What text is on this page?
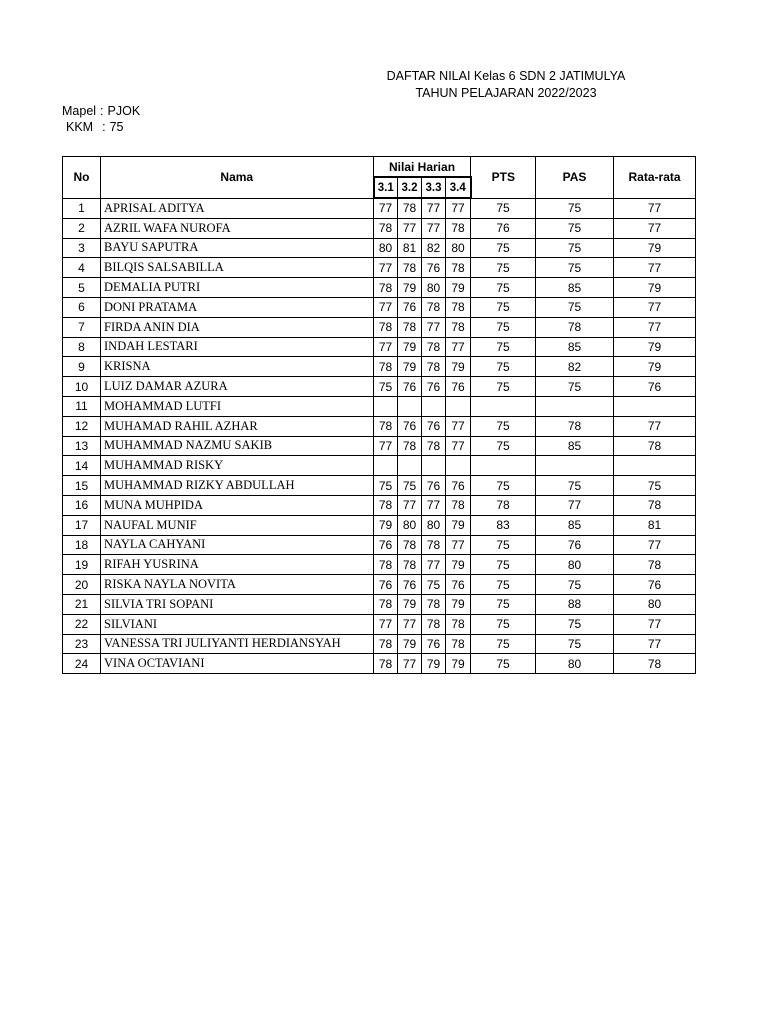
DAFTAR NILAI Kelas 6 SDN 2 JATIMULYA
TAHUN PELAJARAN 2022/2023
Mapel : PJOK
KKM : 75
No	Nama	Nilai Harian				PTS	PAS	Rata-rata
		3.1	3.2	3.3	3.4			
1	APRISAL ADITYA	77	78	77	77	75	75	77
2	AZRIL WAFA NUROFA	78	77	77	78	76	75	77
3	BAYU SAPUTRA	80	81	82	80	75	75	79
4	BILQIS SALSABILLA	77	78	76	78	75	75	77
5	DEMALIA PUTRI	78	79	80	79	75	85	79
6	DONI PRATAMA	77	76	78	78	75	75	77
7	FIRDA ANIN DIA	78	78	77	78	75	78	77
8	INDAH LESTARI	77	79	78	77	75	85	79
9	KRISNA	78	79	78	79	75	82	79
10	LUIZ DAMAR AZURA	75	76	76	76	75	75	76
11	MOHAMMAD LUTFI							
12	MUHAMAD RAHIL AZHAR	78	76	76	77	75	78	77
13	MUHAMMAD NAZMU SAKIB	77	78	78	77	75	85	78
14	MUHAMMAD RISKY							
15	MUHAMMAD RIZKY ABDULLAH	75	75	76	76	75	75	75
16	MUNA MUHPIDA	78	77	77	78	78	77	78
17	NAUFAL MUNIF	79	80	80	79	83	85	81
18	NAYLA CAHYANI	76	78	78	77	75	76	77
19	RIFAH YUSRINA	78	78	77	79	75	80	78
20	RISKA NAYLA NOVITA	76	76	75	76	75	75	76
21	SILVIA TRI SOPANI	78	79	78	79	75	88	80
22	SILVIANI	77	77	78	78	75	75	77
23	VANESSA TRI JULIYANTI HERDIANSYAH	78	79	76	78	75	75	77
24	VINA OCTAVIANI	78	77	79	79	75	80	78
